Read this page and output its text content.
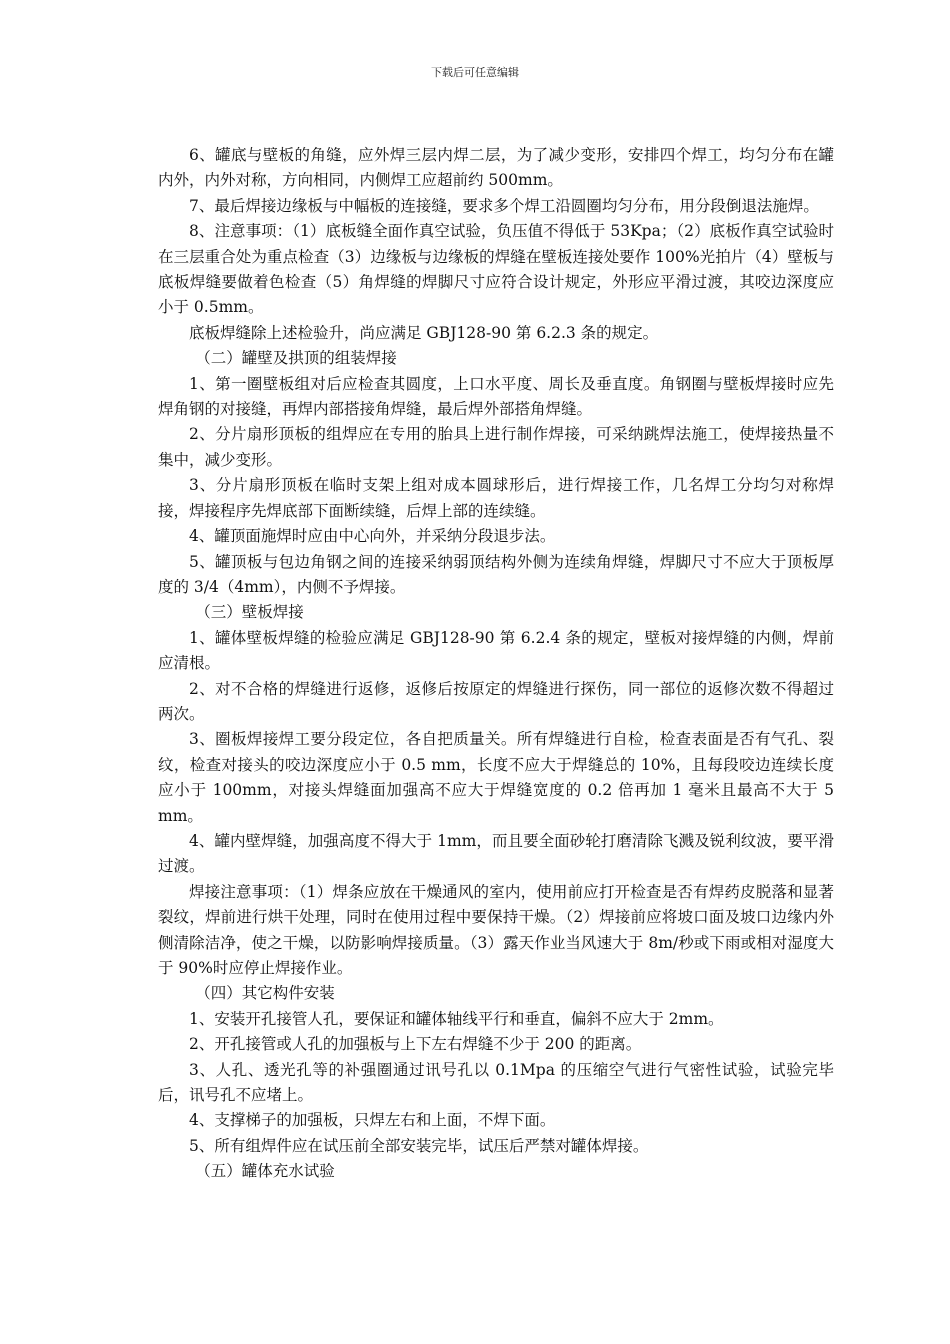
下载后可任意编辑

6、罐底与壁板的角缝，应外焊三层内焊二层，为了减少变形，安排四个焊工，均匀分布在罐内外，内外对称，方向相同，内侧焊工应超前约 500mm。

7、最后焊接边缘板与中幅板的连接缝，要求多个焊工沿圆圈均匀分布，用分段倒退法施焊。

8、注意事项：（1）底板缝全面作真空试验，负压值不得低于 53Kpa；（2）底板作真空试验时在三层重合处为重点检查（3）边缘板与边缘板的焊缝在壁板连接处要作 100%光拍片（4）壁板与底板焊缝要做着色检查（5）角焊缝的焊脚尺寸应符合设计规定，外形应平滑过渡，其咬边深度应小于 0.5mm。

底板焊缝除上述检验升，尚应满足 GBJ128-90 第 6.2.3 条的规定。

（二）罐壁及拱顶的组装焊接

1、第一圈壁板组对后应检查其圆度，上口水平度、周长及垂直度。角钢圈与壁板焊接时应先焊角钢的对接缝，再焊内部搭接角焊缝，最后焊外部搭角焊缝。

2、分片扇形顶板的组焊应在专用的胎具上进行制作焊接，可采纳跳焊法施工，使焊接热量不集中，减少变形。

3、分片扇形顶板在临时支架上组对成本圆球形后，进行焊接工作，几名焊工分均匀对称焊接，焊接程序先焊底部下面断续缝，后焊上部的连续缝。

4、罐顶面施焊时应由中心向外，并采纳分段退步法。

5、罐顶板与包边角钢之间的连接采纳弱顶结构外侧为连续角焊缝，焊脚尺寸不应大于顶板厚度的 3/4（4mm），内侧不予焊接。

（三）壁板焊接

1、罐体壁板焊缝的检验应满足 GBJ128-90 第 6.2.4 条的规定，壁板对接焊缝的内侧，焊前应清根。

2、对不合格的焊缝进行返修，返修后按原定的焊缝进行探伤，同一部位的返修次数不得超过两次。

3、圈板焊接焊工要分段定位，各自把质量关。所有焊缝进行自检，检查表面是否有气孔、裂纹，检查对接头的咬边深度应小于 0.5 mm，长度不应大于焊缝总的 10%，且每段咬边连续长度应小于 100mm，对接头焊缝面加强高不应大于焊缝宽度的 0.2 倍再加 1 毫米且最高不大于 5 mm。

4、罐内壁焊缝，加强高度不得大于 1mm，而且要全面砂轮打磨清除飞溅及锐利纹波，要平滑过渡。

焊接注意事项：（1）焊条应放在干燥通风的室内，使用前应打开检查是否有焊药皮脱落和显著裂纹，焊前进行烘干处理，同时在使用过程中要保持干燥。（2）焊接前应将坡口面及坡口边缘内外侧清除洁净，使之干燥，以防影响焊接质量。（3）露天作业当风速大于 8m/秒或下雨或相对湿度大于 90%时应停止焊接作业。

（四）其它构件安装

1、安装开孔接管人孔，要保证和罐体轴线平行和垂直，偏斜不应大于 2mm。

2、开孔接管或人孔的加强板与上下左右焊缝不少于 200 的距离。

3、人孔、透光孔等的补强圈通过讯号孔以 0.1Mpa 的压缩空气进行气密性试验，试验完毕后，讯号孔不应堵上。

4、支撑梯子的加强板，只焊左右和上面，不焊下面。

5、所有组焊件应在试压前全部安装完毕，试压后严禁对罐体焊接。

（五）罐体充水试验
